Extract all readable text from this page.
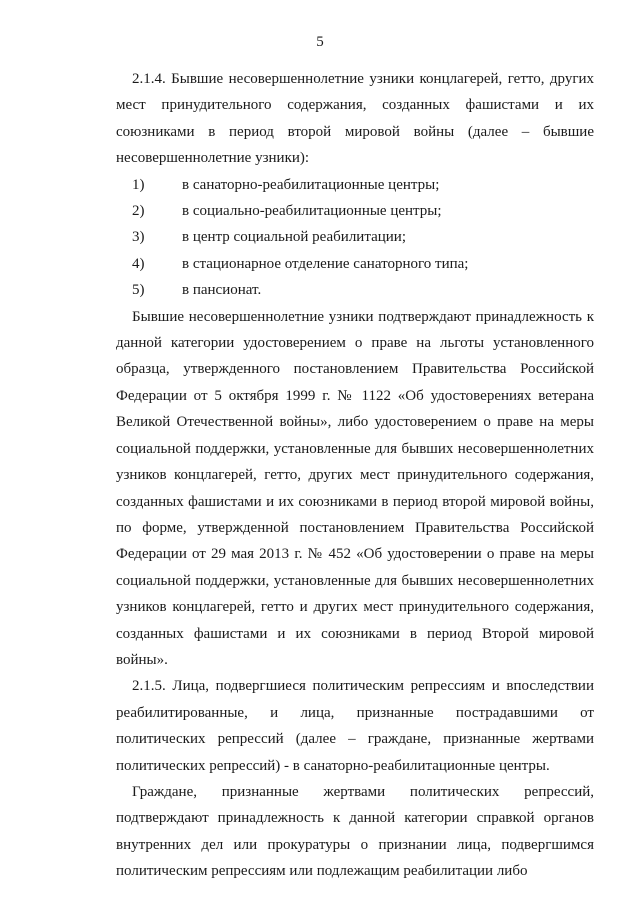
5

2.1.4. Бывшие несовершеннолетние узники концлагерей, гетто, других мест принудительного содержания, созданных фашистами и их союзниками в период второй мировой войны (далее – бывшие несовершеннолетние узники):

1)	в санаторно-реабилитационные центры;
2)	в социально-реабилитационные центры;
3)	в центр социальной реабилитации;
4)	в стационарное отделение санаторного типа;
5)	в пансионат.

Бывшие несовершеннолетние узники подтверждают принадлежность к данной категории удостоверением о праве на льготы установленного образца, утвержденного постановлением Правительства Российской Федерации от 5 октября 1999 г. № 1122 «Об удостоверениях ветерана Великой Отечественной войны», либо удостоверением о праве на меры социальной поддержки, установленные для бывших несовершеннолетних узников концлагерей, гетто, других мест принудительного содержания, созданных фашистами и их союзниками в период второй мировой войны, по форме, утвержденной постановлением Правительства Российской Федерации от 29 мая 2013 г. № 452 «Об удостоверении о праве на меры социальной поддержки, установленные для бывших несовершеннолетних узников концлагерей, гетто и других мест принудительного содержания, созданных фашистами и их союзниками в период Второй мировой войны».

2.1.5. Лица, подвергшиеся политическим репрессиям и впоследствии реабилитированные, и лица, признанные пострадавшими от политических репрессий (далее – граждане, признанные жертвами политических репрессий) - в санаторно-реабилитационные центры.

Граждане, признанные жертвами политических репрессий, подтверждают принадлежность к данной категории справкой органов внутренних дел или прокуратуры о признании лица, подвергшимся политическим репрессиям или подлежащим реабилитации либо
